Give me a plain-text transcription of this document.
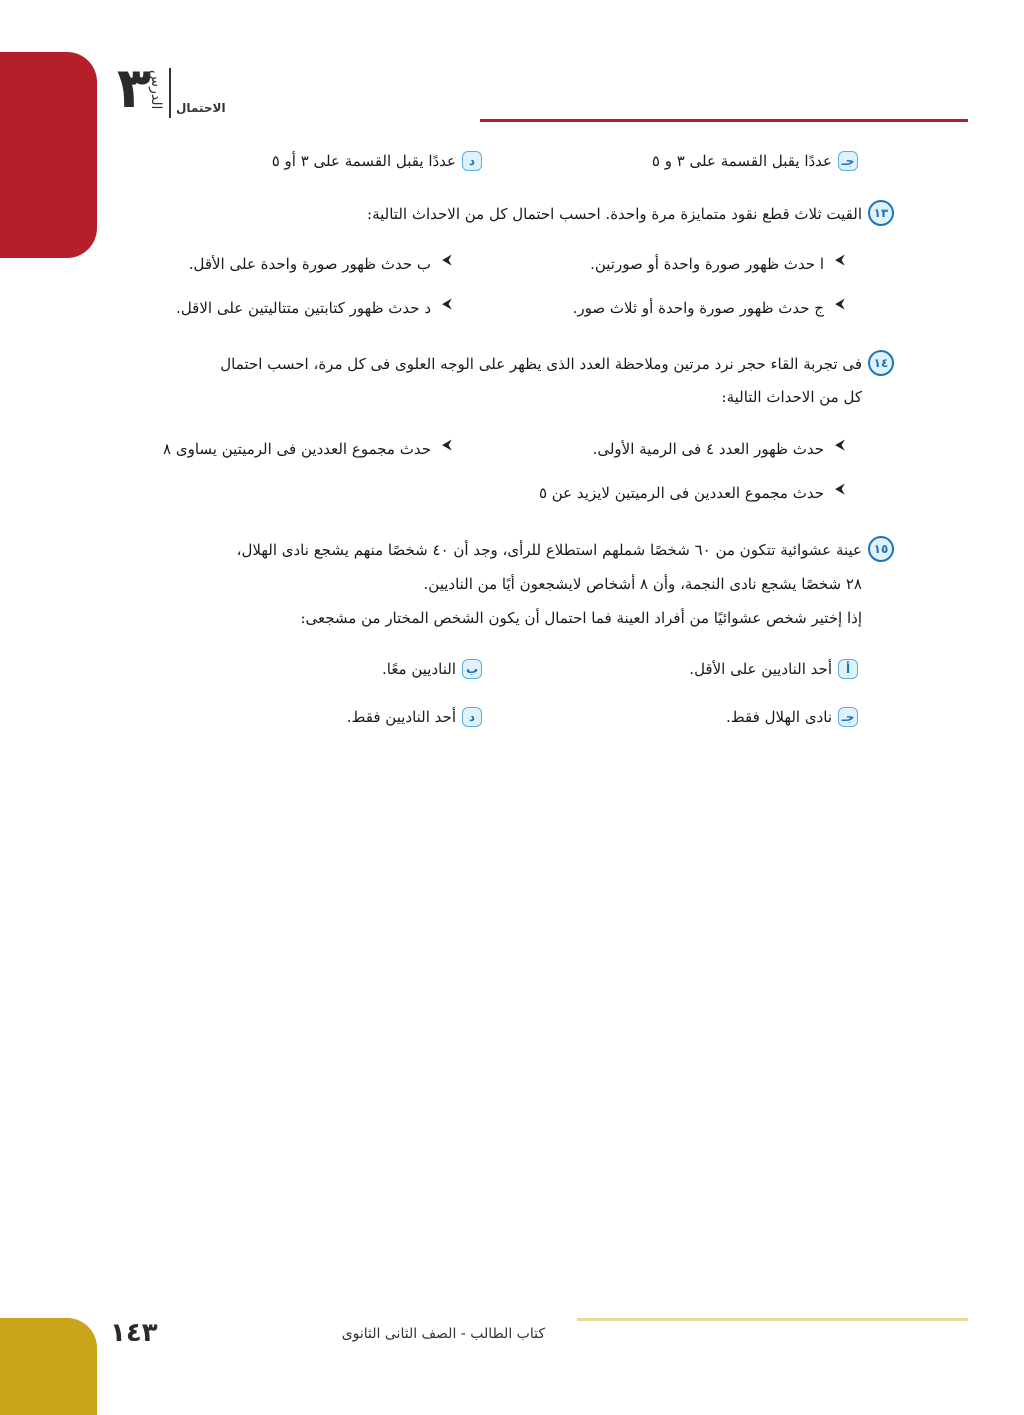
٣
الدرس الاحتمال
جـ
عددًا يقبل القسمة على ٣ و ٥
د
عددًا يقبل القسمة على ٣ أو ٥
١٣
القيت ثلاث قطع نقود متمايزة مرة واحدة. احسب احتمال كل من الاحداث التالية:
⮜
ا حدث ظهور صورة واحدة أو صورتين.
⮜
ب حدث ظهور صورة واحدة على الأقل.
⮜
ج حدث ظهور صورة واحدة أو ثلاث صور.
⮜
د حدث ظهور كتابتين متتاليتين على الاقل.
١٤
فى تجربة القاء حجر نرد مرتين وملاحظة العدد الذى يظهر على الوجه العلوى فى كل مرة، احسب احتمال
كل من الاحداث التالية:
⮜
حدث ظهور العدد ٤ فى الرمية الأولى.
⮜
حدث مجموع العددين فى الرميتين يساوى ٨
⮜
حدث مجموع العددين فى الرميتين لايزيد عن ٥
١٥
عينة عشوائية تتكون من ٦٠ شخصًا شملهم استطلاع للرأى، وجد أن ٤٠ شخصًا منهم يشجع نادى الهلال،
٢٨ شخصًا يشجع نادى النجمة، وأن ٨ أشخاص لايشجعون أيًا من الناديين.
إذا إختير شخص عشوائيًا من أفراد العينة فما احتمال أن يكون الشخص المختار من مشجعى:
أ
أحد الناديين على الأقل.
ب
الناديين معًا.
جـ
نادى الهلال فقط.
د
أحد الناديين فقط.
كتاب الطالب - الصف الثانى الثانوى
١٤٣
